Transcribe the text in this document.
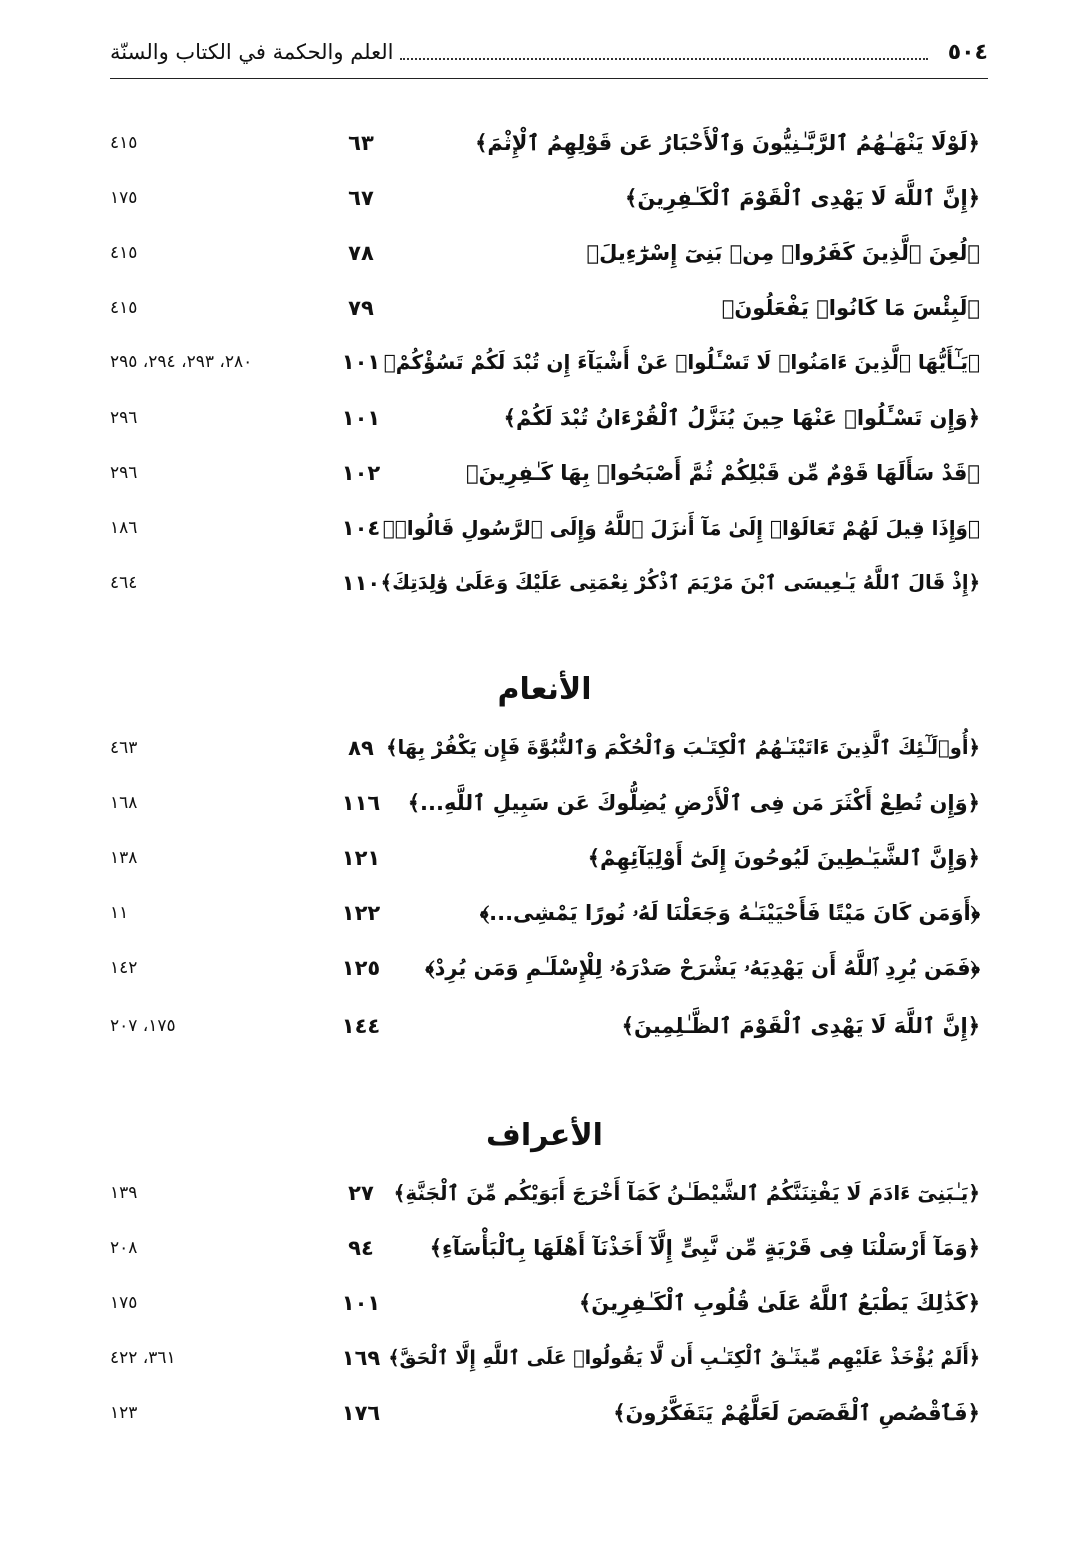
٥٠٤
العلم والحكمة في الكتاب والسنّة
﴿لَوْلَا يَنْهَـٰهُمُ ٱلرَّبَّـٰنِيُّونَ وَٱلْأَحْبَارُ عَن قَوْلِهِمُ ٱلْإِثْمَ﴾
٦٣
٤١٥
﴿إِنَّ ٱللَّهَ لَا يَهْدِى ٱلْقَوْمَ ٱلْكَـٰفِرِينَ﴾
٦٧
١٧٥
﴿لُعِنَ ٱلَّذِينَ كَفَرُوا۟ مِنۢ بَنِىٓ إِسْرَٰٓءِيلَ﴾
٧٨
٤١٥
﴿لَبِئْسَ مَا كَانُوا۟ يَفْعَلُونَ﴾
٧٩
٤١٥
﴿يَـٰٓأَيُّهَا ٱلَّذِينَ ءَامَنُوا۟ لَا تَسْـَٔلُوا۟ عَنْ أَشْيَآءَ إِن تُبْدَ لَكُمْ تَسُؤْكُمْ﴾
١٠١
٢٨٠، ٢٩٣، ٢٩٤، ٢٩٥
﴿وَإِن تَسْـَٔلُوا۟ عَنْهَا حِينَ يُنَزَّلُ ٱلْقُرْءَانُ تُبْدَ لَكُمْ﴾
١٠١
٢٩٦
﴿قَدْ سَأَلَهَا قَوْمٌ مِّن قَبْلِكُمْ ثُمَّ أَصْبَحُوا۟ بِهَا كَـٰفِرِينَ﴾
١٠٢
٢٩٦
﴿وَإِذَا قِيلَ لَهُمْ تَعَالَوْا۟ إِلَىٰ مَآ أَنزَلَ ٱللَّهُ وَإِلَى ٱلرَّسُولِ قَالُوا۟﴾
١٠٤
١٨٦
﴿إِذْ قَالَ ٱللَّهُ يَـٰعِيسَى ٱبْنَ مَرْيَمَ ٱذْكُرْ نِعْمَتِى عَلَيْكَ وَعَلَىٰ وَٰلِدَتِكَ﴾
١١٠
٤٦٤
الأنعام
﴿أُو۟لَـٰٓئِكَ ٱلَّذِينَ ءَاتَيْنَـٰهُمُ ٱلْكِتَـٰبَ وَٱلْحُكْمَ وَٱلنُّبُوَّةَ فَإِن يَكْفُرْ بِهَا﴾
٨٩
٤٦٣
﴿وَإِن تُطِعْ أَكْثَرَ مَن فِى ٱلْأَرْضِ يُضِلُّوكَ عَن سَبِيلِ ٱللَّهِ...﴾
١١٦
١٦٨
﴿وَإِنَّ ٱلشَّيَـٰطِينَ لَيُوحُونَ إِلَىٰٓ أَوْلِيَآئِهِمْ﴾
١٢١
١٣٨
﴿أَوَمَن كَانَ مَيْتًا فَأَحْيَيْنَـٰهُ وَجَعَلْنَا لَهُۥ نُورًا يَمْشِى...﴾
١٢٢
١١
﴿فَمَن يُرِدِ ٱللَّهُ أَن يَهْدِيَهُۥ يَشْرَحْ صَدْرَهُۥ لِلْإِسْلَـٰمِ وَمَن يُرِدْ﴾
١٢٥
١٤٢
﴿إِنَّ ٱللَّهَ لَا يَهْدِى ٱلْقَوْمَ ٱلظَّـٰلِمِينَ﴾
١٤٤
١٧٥، ٢٠٧
الأعراف
﴿يَـٰبَنِىٓ ءَادَمَ لَا يَفْتِنَنَّكُمُ ٱلشَّيْطَـٰنُ كَمَآ أَخْرَجَ أَبَوَيْكُم مِّنَ ٱلْجَنَّةِ﴾
٢٧
١٣٩
﴿وَمَآ أَرْسَلْنَا فِى قَرْيَةٍ مِّن نَّبِىٍّ إِلَّآ أَخَذْنَآ أَهْلَهَا بِٱلْبَأْسَآءِ﴾
٩٤
٢٠٨
﴿كَذَٰلِكَ يَطْبَعُ ٱللَّهُ عَلَىٰ قُلُوبِ ٱلْكَـٰفِرِينَ﴾
١٠١
١٧٥
﴿أَلَمْ يُؤْخَذْ عَلَيْهِم مِّيثَـٰقُ ٱلْكِتَـٰبِ أَن لَّا يَقُولُوا۟ عَلَى ٱللَّهِ إِلَّا ٱلْحَقَّ﴾
١٦٩
٣٦١، ٤٢٢
﴿فَٱقْصُصِ ٱلْقَصَصَ لَعَلَّهُمْ يَتَفَكَّرُونَ﴾
١٧٦
١٢٣
